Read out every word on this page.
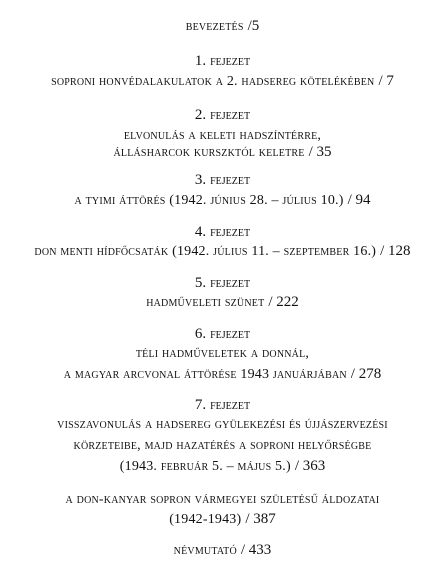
bevezetés /5
1. fejezet
soproni honvédalakulatok a 2. hadsereg kötelékében / 7
2. fejezet
elvonulás a keleti hadszíntérre,
állásharcok kurszktól keletre / 35
3. fejezet
a tyimi áttörés (1942. június 28. – július 10.) / 94
4. fejezet
don menti hídfőcsaták (1942. július 11. – szeptember 16.) / 128
5. fejezet
hadműveleti szünet / 222
6. fejezet
téli hadműveletek a donnál,
a magyar arcvonal áttörése 1943 januárjában / 278
7. fejezet
visszavonulás a hadsereg gyülekezési és újjászervezési
körzeteibe, majd hazatérés a soproni helyőrségbe
(1943. február 5. – május 5.) / 363
a don-kanyar sopron vármegyei születésű áldozatai
(1942-1943) / 387
névmutató / 433
